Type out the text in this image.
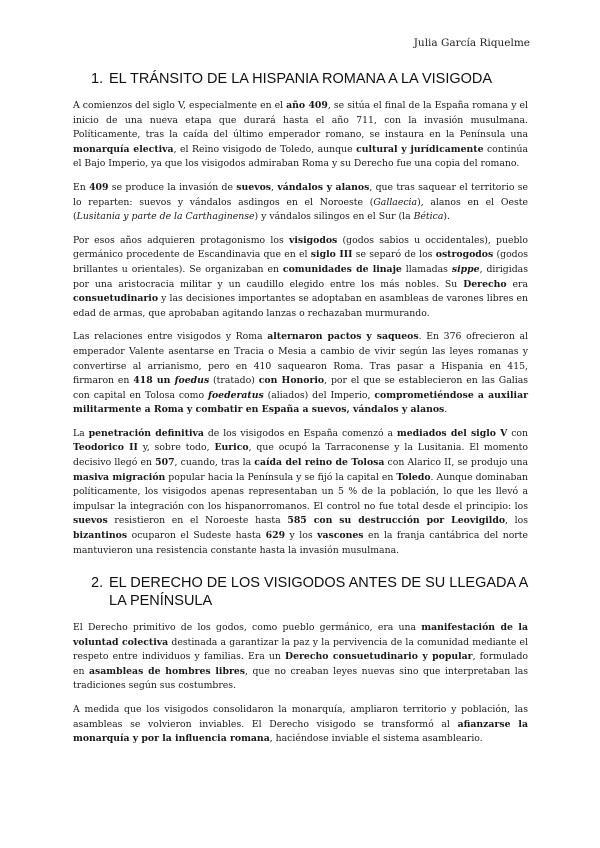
Julia García Riquelme
1. EL TRÁNSITO DE LA HISPANIA ROMANA A LA VISIGODA

A comienzos del siglo V, especialmente en el año 409, se sitúa el final de la España romana y el inicio de una nueva etapa que durará hasta el año 711, con la invasión musulmana. Políticamente, tras la caída del último emperador romano, se instaura en la Península una monarquía electiva, el Reino visigodo de Toledo, aunque cultural y jurídicamente continúa el Bajo Imperio, ya que los visigodos admiraban Roma y su Derecho fue una copia del romano.

En 409 se produce la invasión de suevos, vándalos y alanos, que tras saquear el territorio se lo reparten: suevos y vándalos asdingos en el Noroeste (Gallaecia), alanos en el Oeste (Lusitania y parte de la Carthaginense) y vándalos silingos en el Sur (la Bética).

Por esos años adquieren protagonismo los visigodos (godos sabios u occidentales), pueblo germánico procedente de Escandinavia que en el siglo III se separó de los ostrogodos (godos brillantes u orientales). Se organizaban en comunidades de linaje llamadas sippe, dirigidas por una aristocracia militar y un caudillo elegido entre los más nobles. Su Derecho era consuetudinario y las decisiones importantes se adoptaban en asambleas de varones libres en edad de armas, que aprobaban agitando lanzas o rechazaban murmurando.

Las relaciones entre visigodos y Roma alternaron pactos y saqueos. En 376 ofrecieron al emperador Valente asentarse en Tracia o Mesia a cambio de vivir según las leyes romanas y convertirse al arrianismo, pero en 410 saquearon Roma. Tras pasar a Hispania en 415, firmaron en 418 un foedus (tratado) con Honorio, por el que se establecieron en las Galias con capital en Tolosa como foederatus (aliados) del Imperio, comprometiéndose a auxiliar militarmente a Roma y combatir en España a suevos, vándalos y alanos.

La penetración definitiva de los visigodos en España comenzó a mediados del siglo V con Teodorico II y, sobre todo, Eurico, que ocupó la Tarraconense y la Lusitania. El momento decisivo llegó en 507, cuando, tras la caída del reino de Tolosa con Alarico II, se produjo una masiva migración popular hacia la Península y se fijó la capital en Toledo. Aunque dominaban políticamente, los visigodos apenas representaban un 5 % de la población, lo que les llevó a impulsar la integración con los hispanorromanos. El control no fue total desde el principio: los suevos resistieron en el Noroeste hasta 585 con su destrucción por Leovigildo, los bizantinos ocuparon el Sudeste hasta 629 y los vascones en la franja cantábrica del norte mantuvieron una resistencia constante hasta la invasión musulmana.

2. EL DERECHO DE LOS VISIGODOS ANTES DE SU LLEGADA A LA PENÍNSULA

El Derecho primitivo de los godos, como pueblo germánico, era una manifestación de la voluntad colectiva destinada a garantizar la paz y la pervivencia de la comunidad mediante el respeto entre individuos y familias. Era un Derecho consuetudinario y popular, formulado en asambleas de hombres libres, que no creaban leyes nuevas sino que interpretaban las tradiciones según sus costumbres.

A medida que los visigodos consolidaron la monarquía, ampliaron territorio y población, las asambleas se volvieron inviables. El Derecho visigodo se transformó al afianzarse la monarquía y por la influencia romana, haciéndose inviable el sistema asambleario.
